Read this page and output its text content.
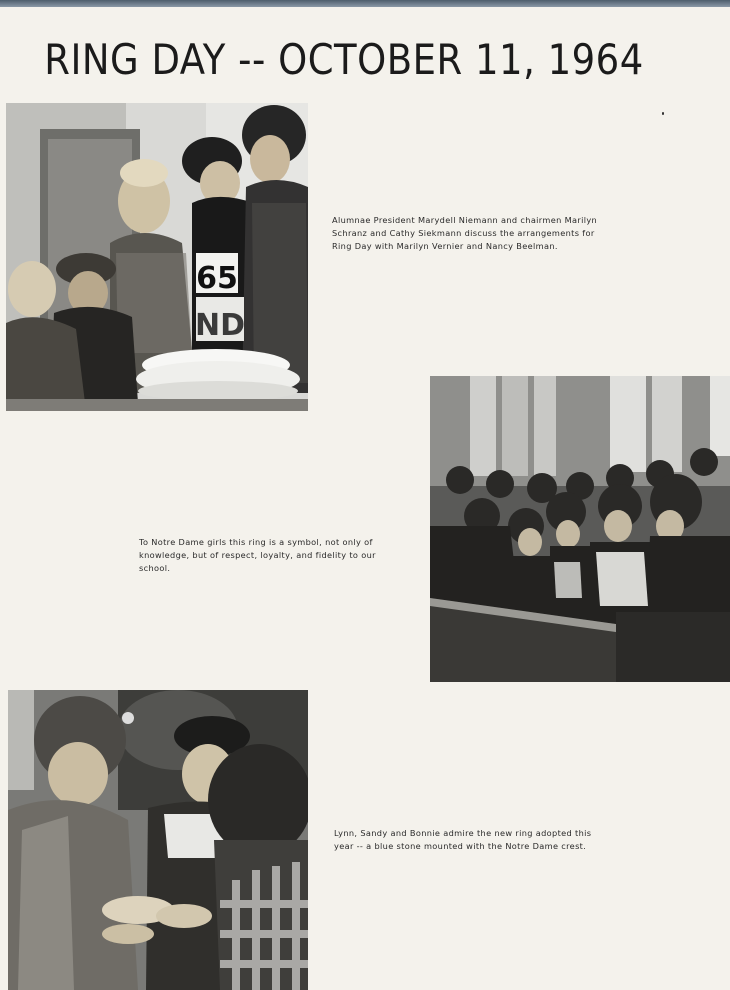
RING DAY -- OCTOBER 11, 1964
65
ND

Alumnae President Marydell Niemann and chairmen Marilyn Schranz and Cathy Siekmann discuss the arrangements for Ring Day with Marilyn Vernier and Nancy Beelman.

To Notre Dame girls this ring is a symbol, not only of knowledge, but of respect, loyalty, and fidelity to our school.

Lynn, Sandy and Bonnie admire the new ring adopted this year -- a blue stone mounted with the Notre Dame crest.
